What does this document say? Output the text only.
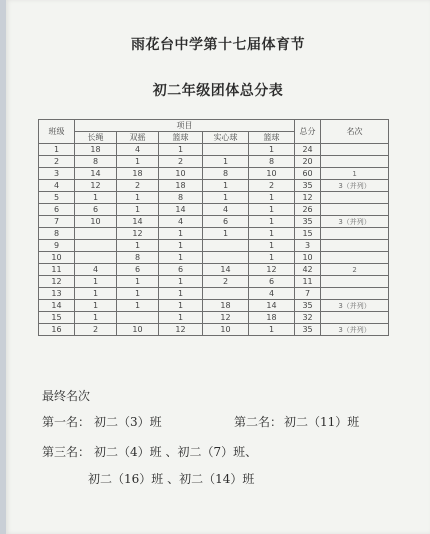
雨花台中学第十七届体育节
初二年级团体总分表
班级	项目					总分	名次
	长绳	双摇	篮球	实心球	篮球		
1	18	4	1		1	24	
2	8	1	2	1	8	20	
3	14	18	10	8	10	60	1
4	12	2	18	1	2	35	3（并列）
5	1	1	8	1	1	12	
6	6	1	14	4	1	26	
7	10	14	4	6	1	35	3（并列）
8		12	1	1	1	15	
9		1	1		1	3	
10		8	1		1	10	
11	4	6	6	14	12	42	2
12	1	1	1	2	6	11	
13	1	1	1		4	7	
14	1	1	1	18	14	35	3（并列）
15	1		1	12	18	32	
16	2	10	12	10	1	35	3（并列）
最终名次
第一名： 初二（3）班	第二名： 初二（11）班
第三名： 初二（4）班 、初二（7）班、
初二（16）班 、初二（14）班
